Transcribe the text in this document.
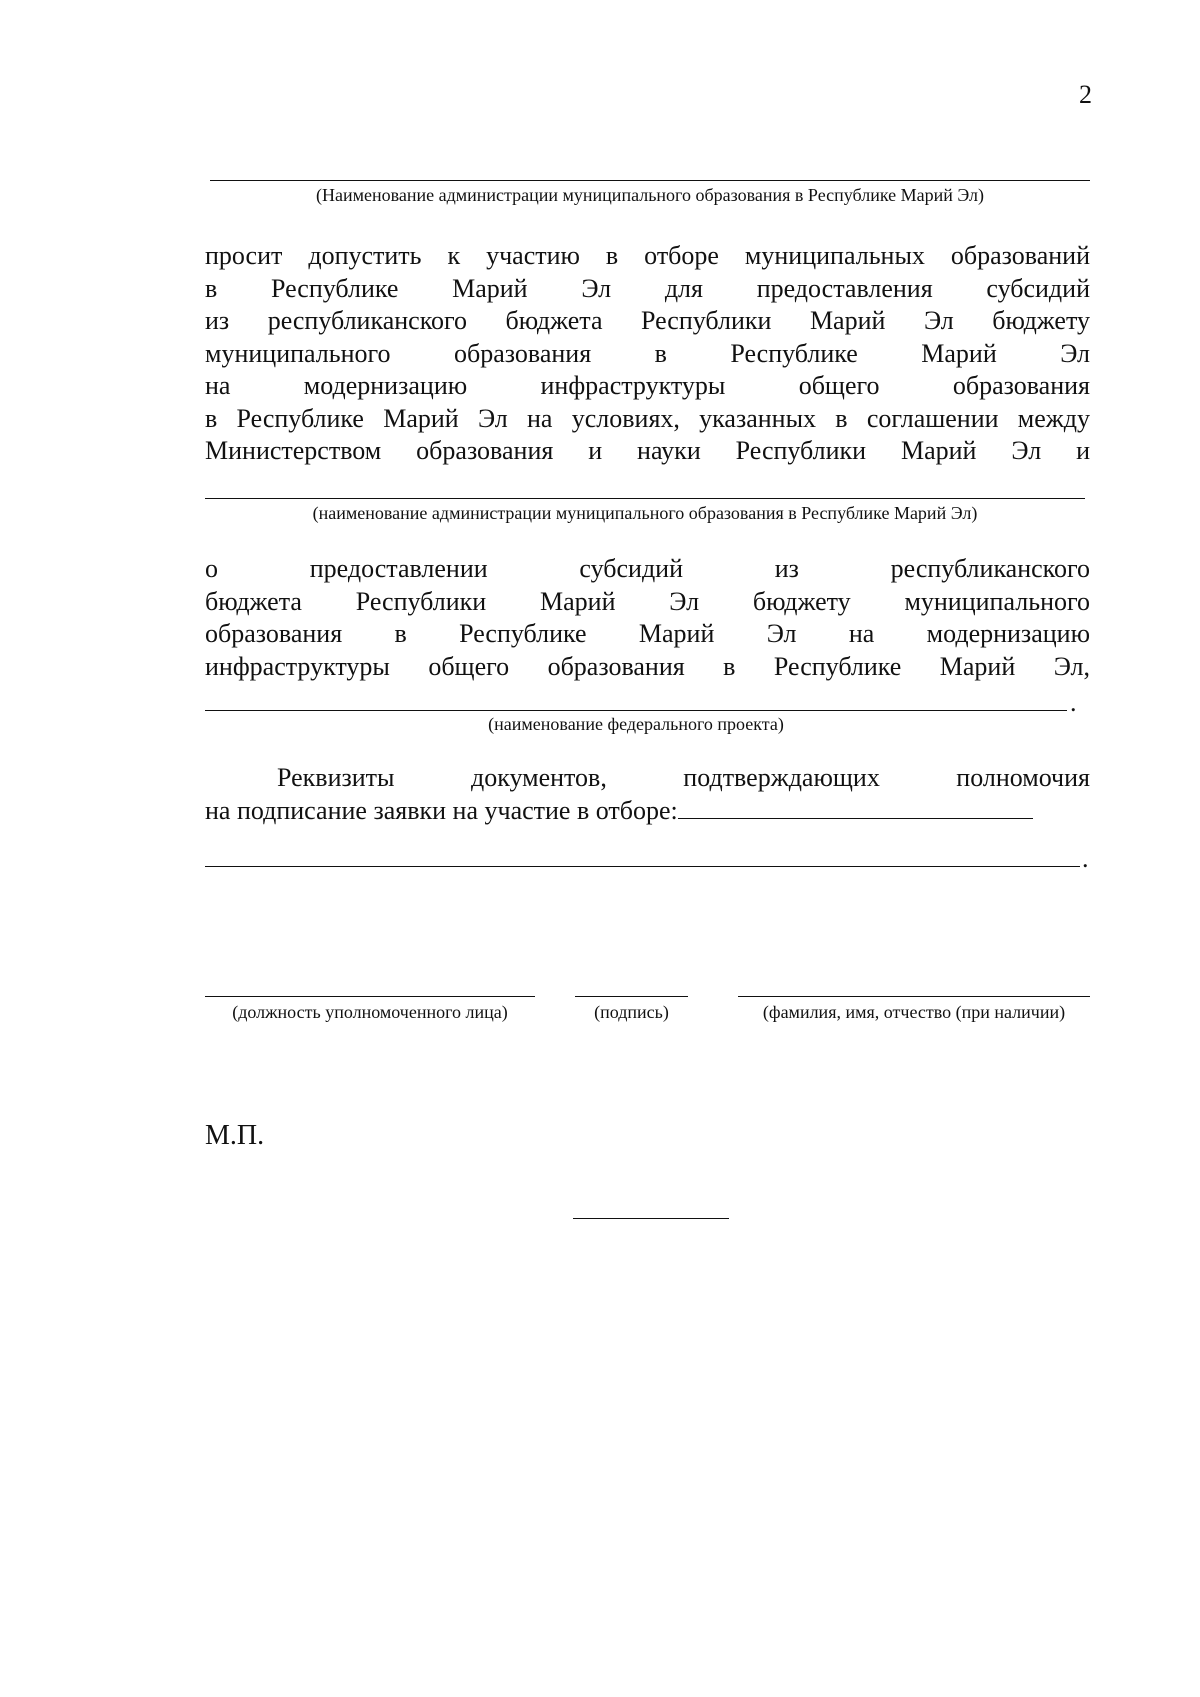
2
(Наименование администрации муниципального образования в Республике Марий Эл)
просит допустить к участию в отборе муниципальных образований
в Республике Марий Эл для предоставления субсидий
из республиканского бюджета Республики Марий Эл бюджету
муниципального образования в Республике Марий Эл
на модернизацию инфраструктуры общего образования
в Республике Марий Эл на условиях, указанных в соглашении между
Министерством образования и науки Республики Марий Эл и
(наименование администрации муниципального образования в Республике Марий Эл)
о предоставлении субсидий из республиканского
бюджета Республики Марий Эл бюджету муниципального
образования в Республике Марий Эл на модернизацию
инфраструктуры общего образования в Республике Марий Эл,
.
(наименование федерального проекта)
Реквизиты документов, подтверждающих полномочия
на подписание заявки на участие в отборе:
.
(должность уполномоченного лица)	(подпись)	(фамилия, имя, отчество (при наличии)
М.П.
